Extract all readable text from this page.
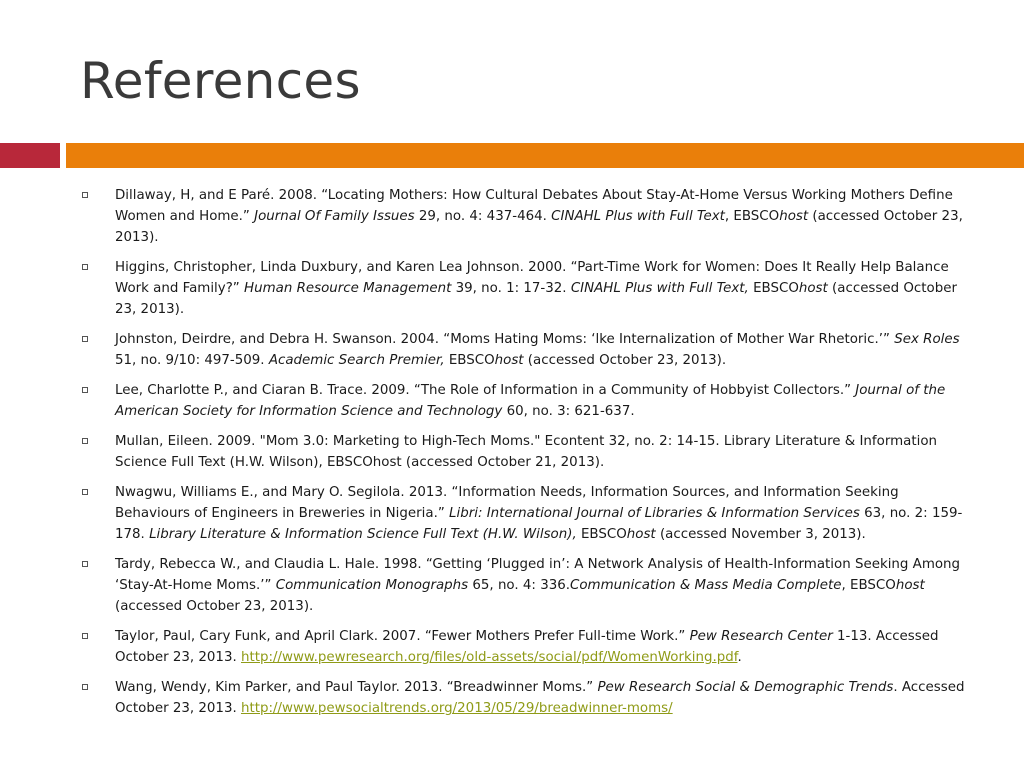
References
Dillaway, H, and E Paré. 2008. “Locating Mothers: How Cultural Debates About Stay-At-Home Versus Working Mothers Define Women and Home.” Journal Of Family Issues 29, no. 4: 437-464. CINAHL Plus with Full Text, EBSCOhost (accessed October 23, 2013).
Higgins, Christopher, Linda Duxbury, and Karen Lea Johnson. 2000. “Part-Time Work for Women: Does It Really Help Balance Work and Family?” Human Resource Management 39, no. 1: 17-32. CINAHL Plus with Full Text, EBSCOhost (accessed October 23, 2013).
Johnston, Deirdre, and Debra H. Swanson. 2004. “Moms Hating Moms: ‘lke Internalization of Mother War Rhetoric.’” Sex Roles 51, no. 9/10: 497-509. Academic Search Premier, EBSCOhost (accessed October 23, 2013).
Lee, Charlotte P., and Ciaran B. Trace. 2009. “The Role of Information in a Community of Hobbyist Collectors.” Journal of the American Society for Information Science and Technology 60, no. 3: 621-637.
Mullan, Eileen. 2009. "Mom 3.0: Marketing to High-Tech Moms." Econtent 32, no. 2: 14-15. Library Literature & Information Science Full Text (H.W. Wilson), EBSCOhost (accessed October 21, 2013).
Nwagwu, Williams E., and Mary O. Segilola. 2013. “Information Needs, Information Sources, and Information Seeking Behaviours of Engineers in Breweries in Nigeria.” Libri: International Journal of Libraries & Information Services 63, no. 2: 159-178. Library Literature & Information Science Full Text (H.W. Wilson), EBSCOhost (accessed November 3, 2013).
Tardy, Rebecca W., and Claudia L. Hale. 1998. “Getting ‘Plugged in’: A Network Analysis of Health-Information Seeking Among ‘Stay-At-Home Moms.’” Communication Monographs 65, no. 4: 336.Communication & Mass Media Complete, EBSCOhost (accessed October 23, 2013).
Taylor, Paul, Cary Funk, and April Clark. 2007. “Fewer Mothers Prefer Full-time Work.” Pew Research Center 1-13. Accessed October 23, 2013. http://www.pewresearch.org/files/old-assets/social/pdf/WomenWorking.pdf.
Wang, Wendy, Kim Parker, and Paul Taylor. 2013. “Breadwinner Moms.” Pew Research Social & Demographic Trends. Accessed October 23, 2013. http://www.pewsocialtrends.org/2013/05/29/breadwinner-moms/
